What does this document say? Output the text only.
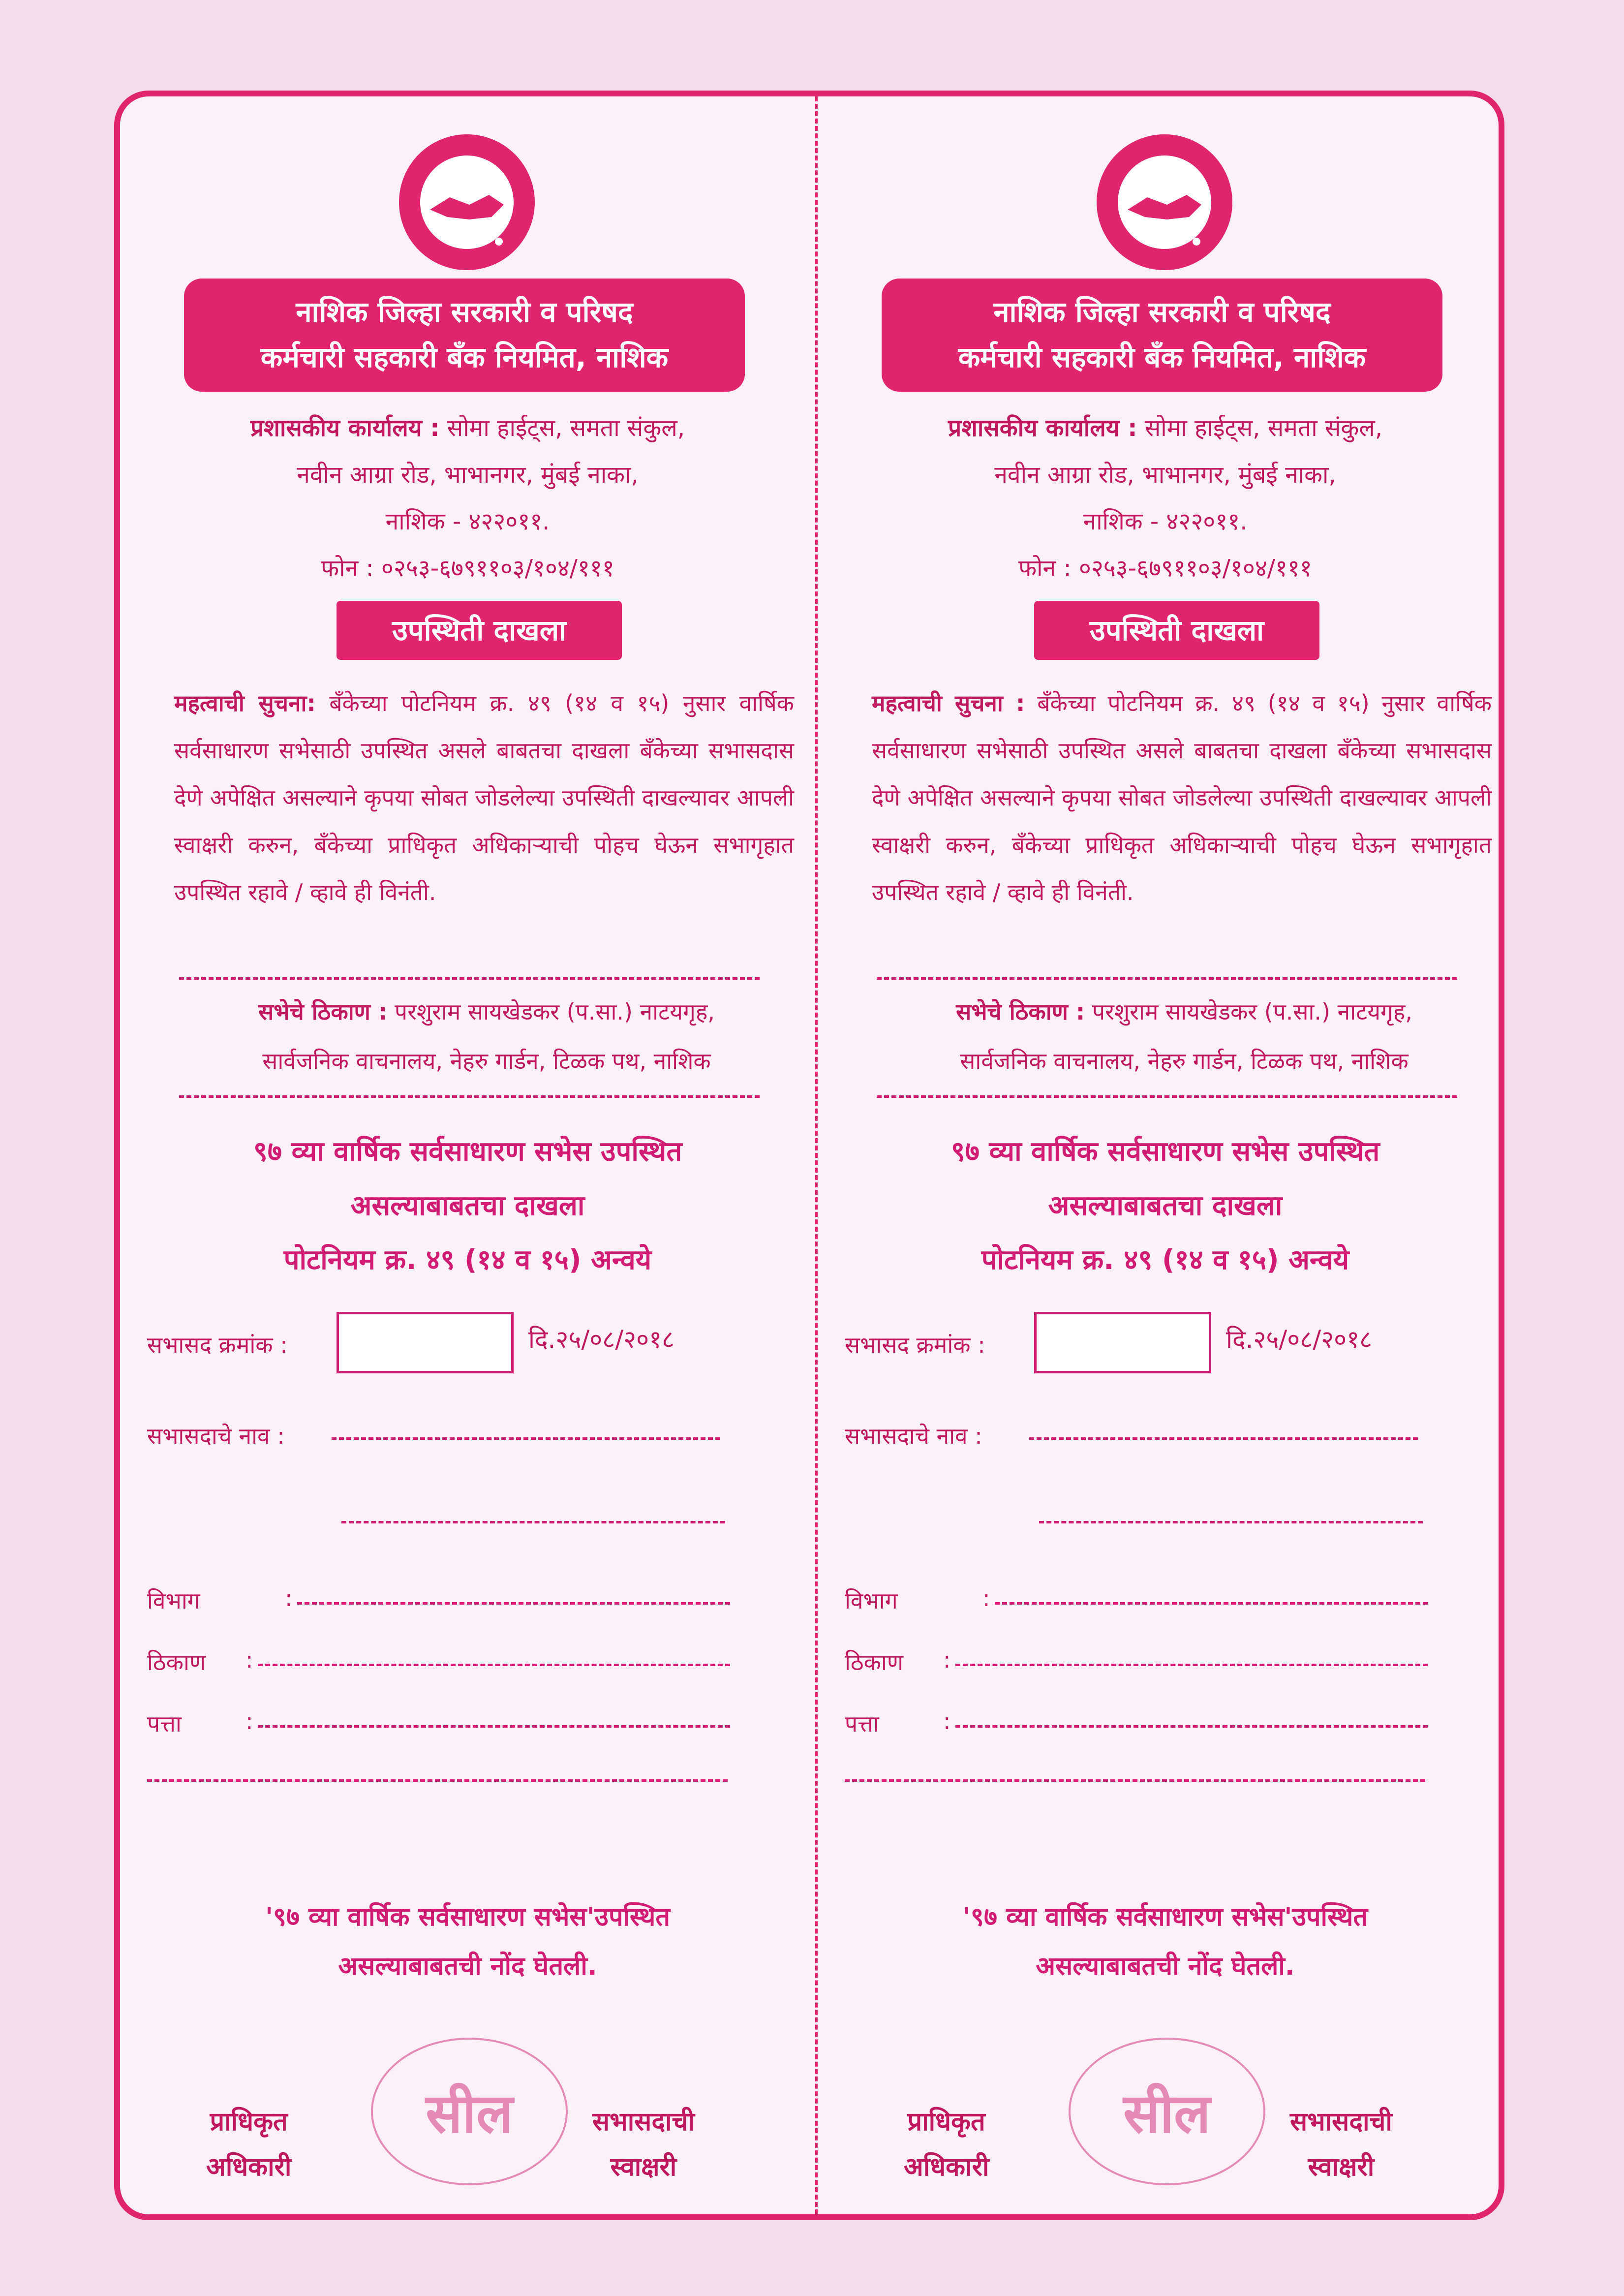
नाशिक जिल्हा सरकारी व परिषद
कर्मचारी सहकारी बँक नियमित, नाशिक
प्रशासकीय कार्यालय : सोमा हाईट्स, समता संकुल,
नवीन आग्रा रोड, भाभानगर, मुंबई नाका,
नाशिक - ४२२०११.
फोन : ०२५३-६७९११०३/१०४/१११
उपस्थिती दाखला
महत्वाची सुचना: बँकेच्या पोटनियम क्र. ४९ (१४ व १५) नुसार वार्षिक सर्वसाधारण सभेसाठी उपस्थित असले बाबतचा दाखला बँकेच्या सभासदास देणे अपेक्षित असल्याने कृपया सोबत जोडलेल्या उपस्थिती दाखल्यावर आपली स्वाक्षरी करुन, बँकेच्या प्राधिकृत अधिकाऱ्याची पोहच घेऊन सभागृहात उपस्थित रहावे / व्हावे ही विनंती.
सभेचे ठिकाण : परशुराम सायखेडकर (प.सा.) नाटयगृह,
सार्वजनिक वाचनालय, नेहरु गार्डन, टिळक पथ, नाशिक
९७ व्या वार्षिक सर्वसाधारण सभेस उपस्थित
असल्याबाबतचा दाखला
पोटनियम क्र. ४९ (१४ व १५) अन्वये
सभासद क्रमांक :	दि.२५/०८/२०१८
सभासदाचे नाव :
विभाग	:
ठिकाण :
पत्ता	:
'९७ व्या वार्षिक सर्वसाधारण सभेस'उपस्थित
असल्याबाबतची नोंद घेतली.
सील
प्राधिकृत
अधिकारी
सभासदाची
स्वाक्षरी
नाशिक जिल्हा सरकारी व परिषद
कर्मचारी सहकारी बँक नियमित, नाशिक
प्रशासकीय कार्यालय : सोमा हाईट्स, समता संकुल,
नवीन आग्रा रोड, भाभानगर, मुंबई नाका,
नाशिक - ४२२०११.
फोन : ०२५३-६७९११०३/१०४/१११
उपस्थिती दाखला
महत्वाची सुचना : बँकेच्या पोटनियम क्र. ४९ (१४ व १५) नुसार वार्षिक सर्वसाधारण सभेसाठी उपस्थित असले बाबतचा दाखला बँकेच्या सभासदास देणे अपेक्षित असल्याने कृपया सोबत जोडलेल्या उपस्थिती दाखल्यावर आपली स्वाक्षरी करुन, बँकेच्या प्राधिकृत अधिकाऱ्याची पोहच घेऊन सभागृहात उपस्थित रहावे / व्हावे ही विनंती.
सभेचे ठिकाण : परशुराम सायखेडकर (प.सा.) नाटयगृह,
सार्वजनिक वाचनालय, नेहरु गार्डन, टिळक पथ, नाशिक
९७ व्या वार्षिक सर्वसाधारण सभेस उपस्थित
असल्याबाबतचा दाखला
पोटनियम क्र. ४९ (१४ व १५) अन्वये
सभासद क्रमांक :	दि.२५/०८/२०१८
सभासदाचे नाव :
विभाग	:
ठिकाण :
पत्ता	:
'९७ व्या वार्षिक सर्वसाधारण सभेस'उपस्थित
असल्याबाबतची नोंद घेतली.
सील
प्राधिकृत
अधिकारी
सभासदाची
स्वाक्षरी
